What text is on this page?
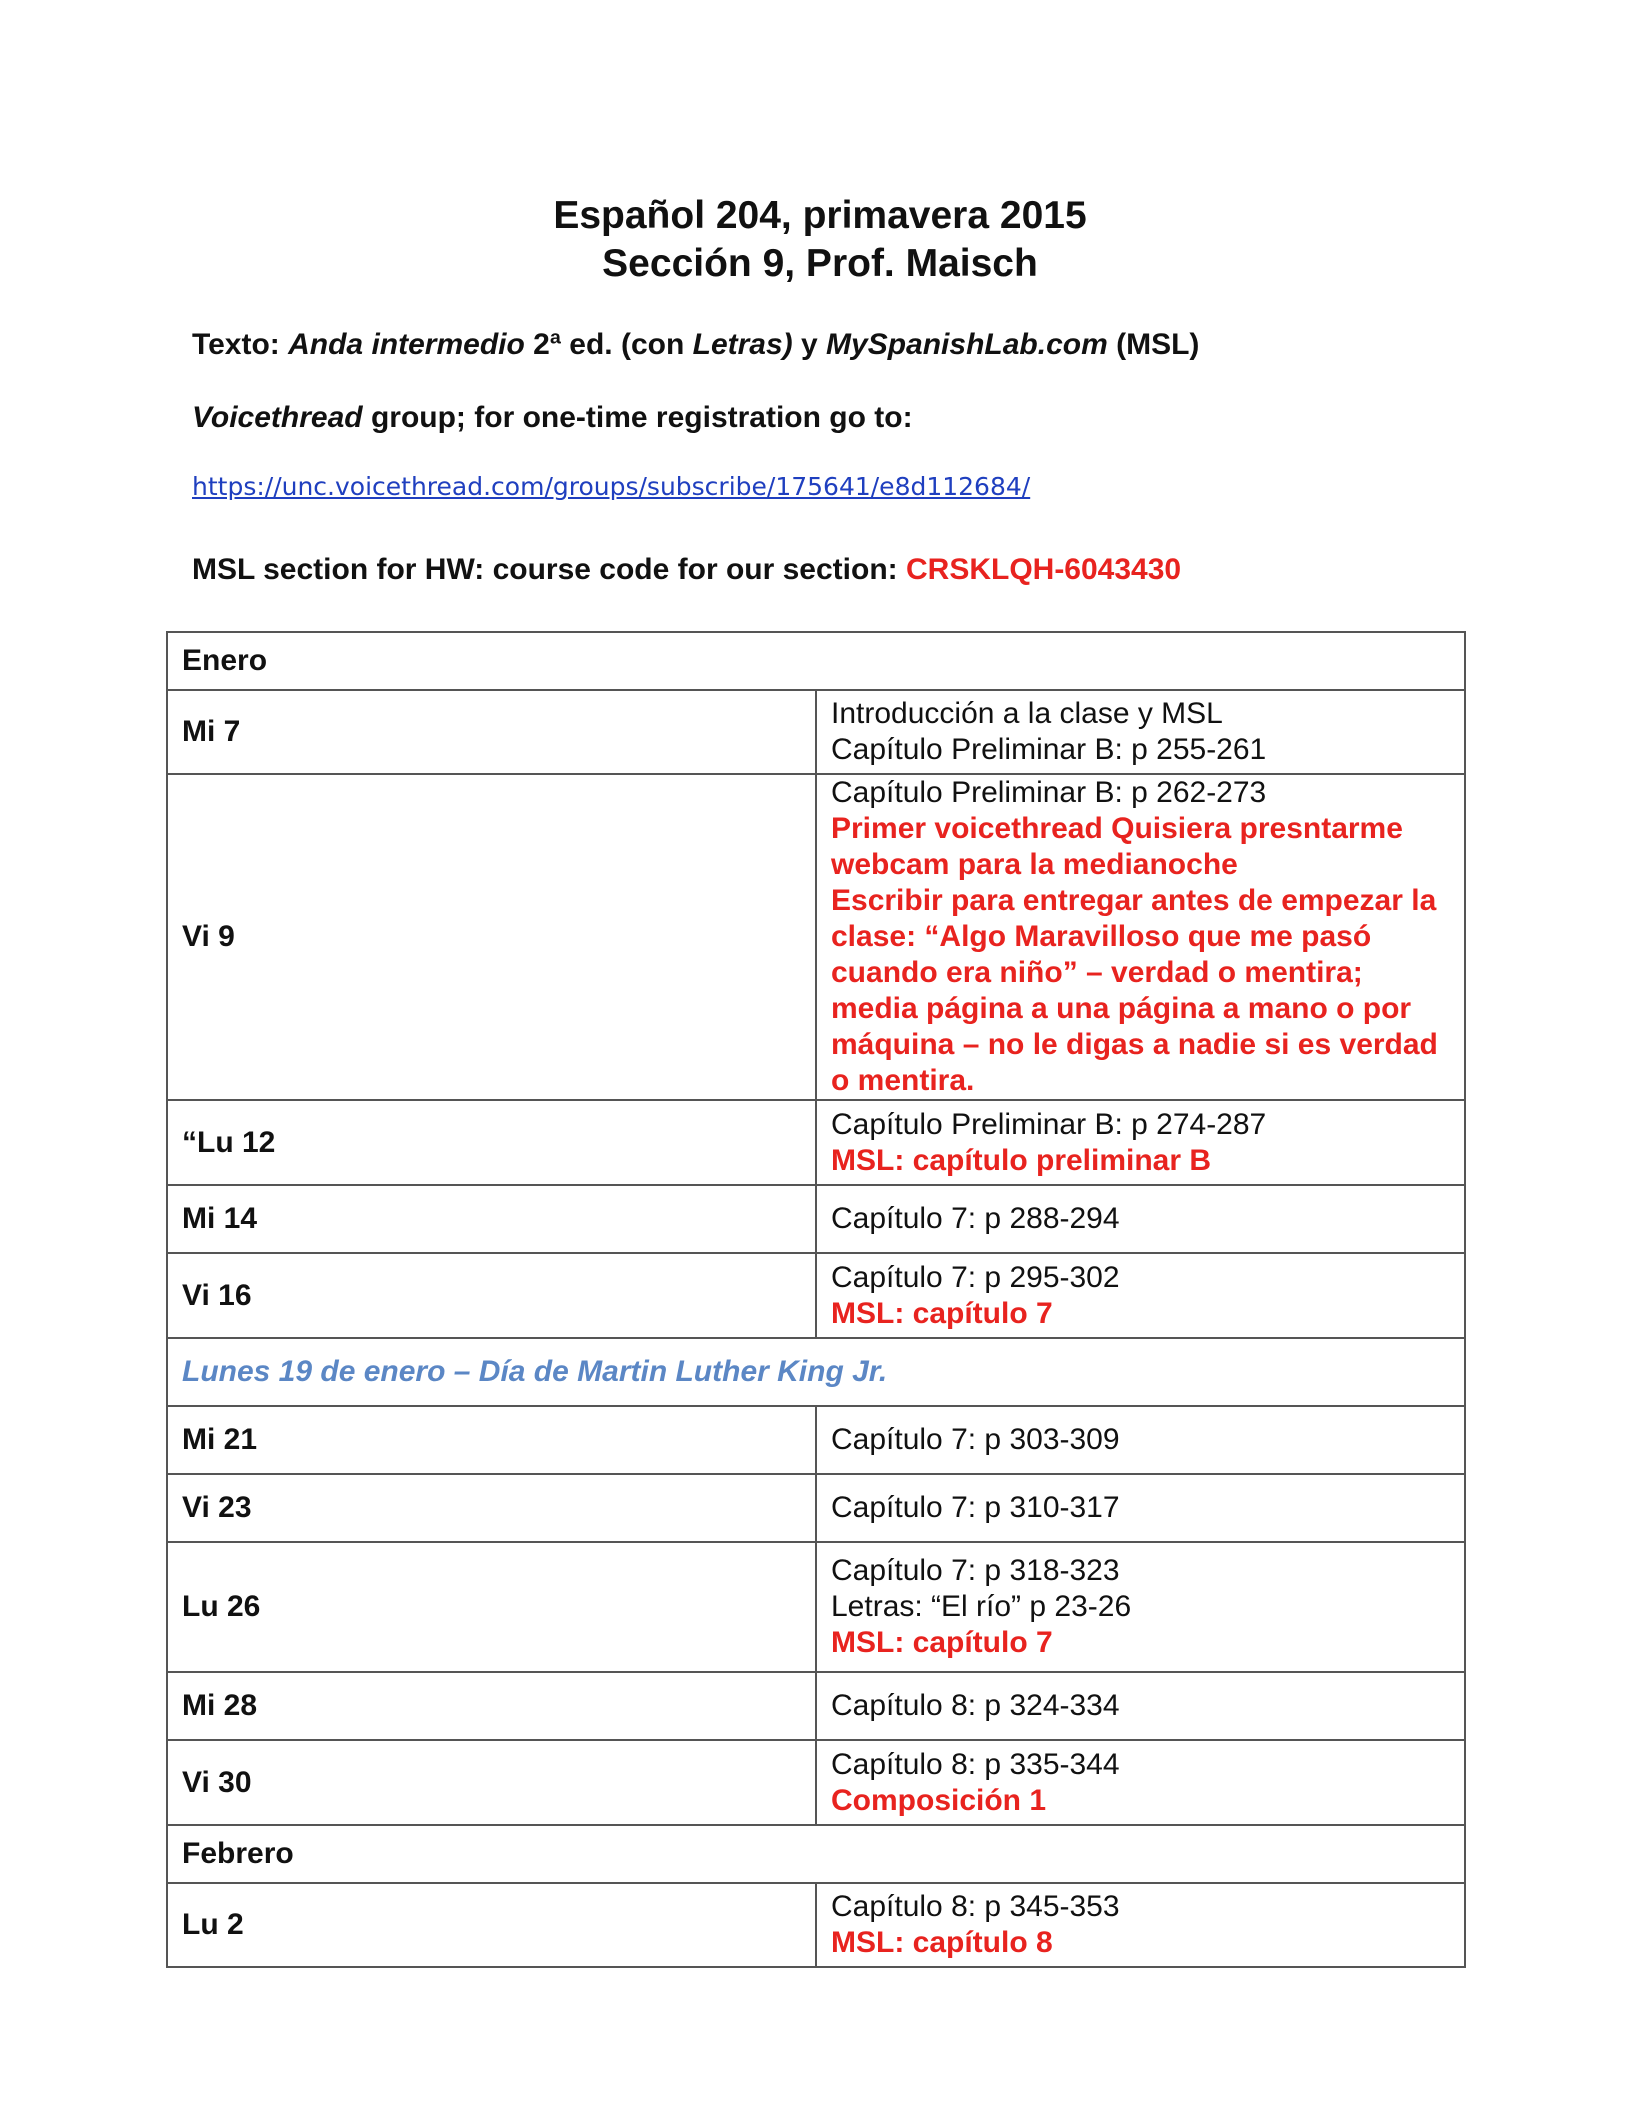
Español 204, primavera 2015
Sección 9, Prof. Maisch
Texto: Anda intermedio 2ª ed. (con Letras) y MySpanishLab.com (MSL)
Voicethread group; for one-time registration go to:
https://unc.voicethread.com/groups/subscribe/175641/e8d112684/
MSL section for HW: course code for our section: CRSKLQH-6043430
Enero	
Mi 7	Introducción a la clase y MSL
Capítulo Preliminar B: p 255-261

Vi 9	Capítulo Preliminar B: p 262-273
Primer voicethread Quisiera presntarme webcam para la medianoche
Escribir para entregar antes de empezar la clase: “Algo Maravilloso que me pasó cuando era niño” – verdad o mentira; media página a una página a mano o por máquina – no le digas a nadie si es verdad o mentira.

“Lu 12	Capítulo Preliminar B: p 274-287
MSL: capítulo preliminar B

Mi 14	Capítulo 7: p 288-294

Vi 16	Capítulo 7: p 295-302
MSL: capítulo 7

Lunes 19 de enero – Día de Martin Luther King Jr.	
Mi 21	Capítulo 7: p 303-309

Vi 23	Capítulo 7: p 310-317

Lu 26	Capítulo 7: p 318-323
Letras: “El río” p 23-26
MSL: capítulo 7

Mi 28	Capítulo 8: p 324-334

Vi 30	Capítulo 8: p 335-344
Composición 1

Febrero	
Lu 2	Capítulo 8: p 345-353
MSL: capítulo 8
